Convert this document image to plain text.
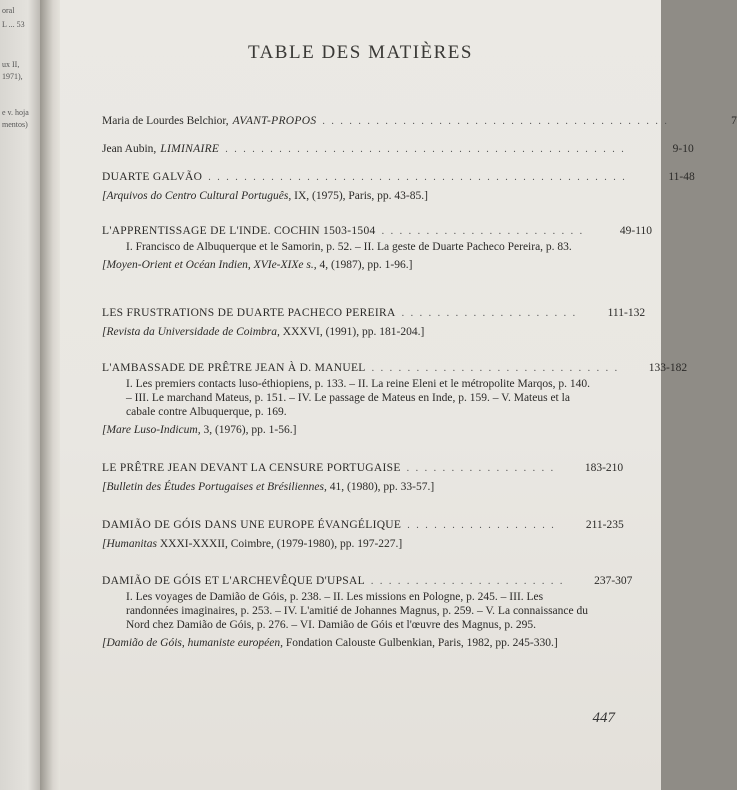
oral
L ... 53
ux II,
1971),
e v. hoja
mentos)
TABLE DES MATIÈRES
Maria de Lourdes Belchior, AVANT-PROPOS . . . . . . . . . . . . . . . . . . . . . . . . . . . . . . . . . . . . . . .	7
Jean Aubin, LIMINAIRE . . . . . . . . . . . . . . . . . . . . . . . . . . . . . . . . . . . . . . . . . . . . .	9-10
DUARTE GALVÃO . . . . . . . . . . . . . . . . . . . . . . . . . . . . . . . . . . . . . . . . . . . . . . .	11-48
[Arquivos do Centro Cultural Português, IX, (1975), Paris, pp. 43-85.]
L'APPRENTISSAGE DE L'INDE. COCHIN 1503-1504 . . . . . . . . . . . . . . . . . . . . . . .	49-110
I. Francisco de Albuquerque et le Samorin, p. 52. – II. La geste de Duarte Pacheco Pereira, p. 83.
[Moyen-Orient et Océan Indien, XVIe-XIXe s., 4, (1987), pp. 1-96.]
LES FRUSTRATIONS DE DUARTE PACHECO PEREIRA . . . . . . . . . . . . . . . . . . . .	111-132
[Revista da Universidade de Coimbra, XXXVI, (1991), pp. 181-204.]
L'AMBASSADE DE PRÊTRE JEAN À D. MANUEL . . . . . . . . . . . . . . . . . . . . . . . . . . . .	133-182
I. Les premiers contacts luso-éthiopiens, p. 133. – II. La reine Eleni et le métropolite Marqos, p. 140. – III. Le marchand Mateus, p. 151. – IV. Le passage de Mateus en Inde, p. 159. – V. Mateus et la cabale contre Albuquerque, p. 169.
[Mare Luso-Indicum, 3, (1976), pp. 1-56.]
LE PRÊTRE JEAN DEVANT LA CENSURE PORTUGAISE . . . . . . . . . . . . . . . . .	183-210
[Bulletin des Études Portugaises et Brésiliennes, 41, (1980), pp. 33-57.]
DAMIÃO DE GÓIS DANS UNE EUROPE ÉVANGÉLIQUE . . . . . . . . . . . . . . . . .	211-235
[Humanitas XXXI-XXXII, Coimbre, (1979-1980), pp. 197-227.]
DAMIÃO DE GÓIS ET L'ARCHEVÊQUE D'UPSAL . . . . . . . . . . . . . . . . . . . . . .	237-307
I. Les voyages de Damião de Góis, p. 238. – II. Les missions en Pologne, p. 245. – III. Les randonnées imaginaires, p. 253. – IV. L'amitié de Johannes Magnus, p. 259. – V. La connaissance du Nord chez Damião de Góis, p. 276. – VI. Damião de Góis et l'œuvre des Magnus, p. 295.
[Damião de Góis, humaniste européen, Fondation Calouste Gulbenkian, Paris, 1982, pp. 245-330.]
447
